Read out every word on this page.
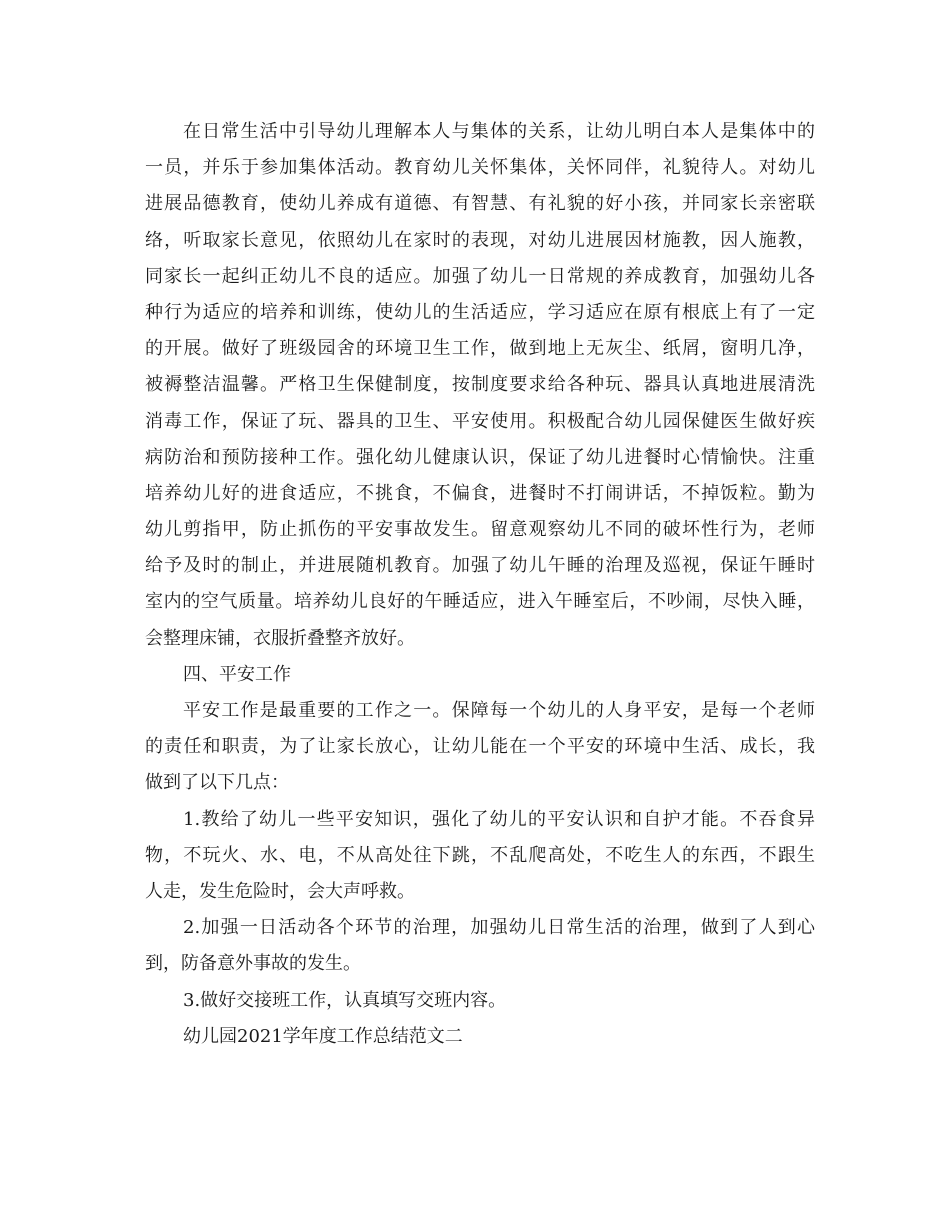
在日常生活中引导幼儿理解本人与集体的关系，让幼儿明白本人是集体中的
一员，并乐于参加集体活动。教育幼儿关怀集体，关怀同伴，礼貌待人。对幼儿
进展品德教育，使幼儿养成有道德、有智慧、有礼貌的好小孩，并同家长亲密联
络，听取家长意见，依照幼儿在家时的表现，对幼儿进展因材施教，因人施教，
同家长一起纠正幼儿不良的适应。加强了幼儿一日常规的养成教育，加强幼儿各
种行为适应的培养和训练，使幼儿的生活适应，学习适应在原有根底上有了一定
的开展。做好了班级园舍的环境卫生工作，做到地上无灰尘、纸屑，窗明几净，
被褥整洁温馨。严格卫生保健制度，按制度要求给各种玩、器具认真地进展清洗
消毒工作，保证了玩、器具的卫生、平安使用。积极配合幼儿园保健医生做好疾
病防治和预防接种工作。强化幼儿健康认识，保证了幼儿进餐时心情愉快。注重
培养幼儿好的进食适应，不挑食，不偏食，进餐时不打闹讲话，不掉饭粒。勤为
幼儿剪指甲，防止抓伤的平安事故发生。留意观察幼儿不同的破坏性行为，老师
给予及时的制止，并进展随机教育。加强了幼儿午睡的治理及巡视，保证午睡时
室内的空气质量。培养幼儿良好的午睡适应，进入午睡室后，不吵闹，尽快入睡，
会整理床铺，衣服折叠整齐放好。
四、平安工作
平安工作是最重要的工作之一。保障每一个幼儿的人身平安，是每一个老师
的责任和职责，为了让家长放心，让幼儿能在一个平安的环境中生活、成长，我
做到了以下几点：
1.教给了幼儿一些平安知识，强化了幼儿的平安认识和自护才能。不吞食异
物，不玩火、水、电，不从高处往下跳，不乱爬高处，不吃生人的东西，不跟生
人走，发生危险时，会大声呼救。
2.加强一日活动各个环节的治理，加强幼儿日常生活的治理，做到了人到心
到，防备意外事故的发生。
3.做好交接班工作，认真填写交班内容。
幼儿园2021学年度工作总结范文二
